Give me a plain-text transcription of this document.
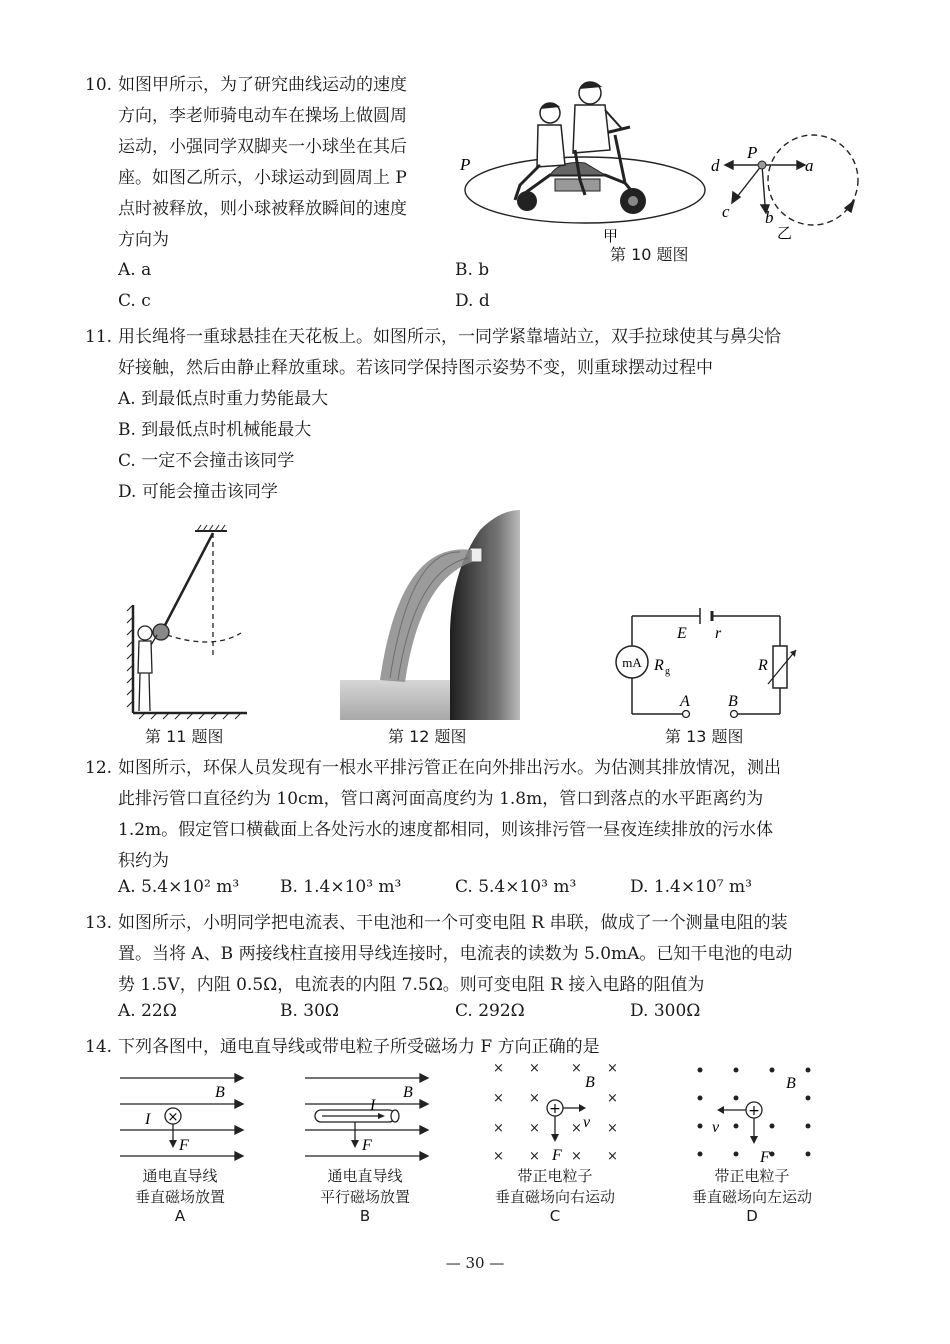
10. 如图甲所示，为了研究曲线运动的速度
方向，李老师骑电动车在操场上做圆周
运动，小强同学双脚夹一小球坐在其后
座。如图乙所示，小球运动到圆周上 P
点时被释放，则小球被释放瞬间的速度
方向为
A. a	B. b
C. c	D. d
P
甲
P
a
d
c b
乙
第 10 题图
11. 用长绳将一重球悬挂在天花板上。如图所示，一同学紧靠墙站立，双手拉球使其与鼻尖恰
好接触，然后由静止释放重球。若该同学保持图示姿势不变，则重球摆动过程中
A. 到最低点时重力势能最大
B. 到最低点时机械能最大
C. 一定不会撞击该同学
D. 可能会撞击该同学
第 11 题图	第 12 题图
mA
E r
R g	R
A B
第 13 题图
12. 如图所示，环保人员发现有一根水平排污管正在向外排出污水。为估测其排放情况，测出
此排污管口直径约为 10cm，管口离河面高度约为 1.8m，管口到落点的水平距离约为
1.2m。假定管口横截面上各处污水的速度都相同，则该排污管一昼夜连续排放的污水体
积约为
A. 5.4×10² m³ B. 1.4×10³ m³	C. 5.4×10³ m³	D. 1.4×10⁷ m³
13. 如图所示，小明同学把电流表、干电池和一个可变电阻 R 串联，做成了一个测量电阻的装
置。当将 A、B 两接线柱直接用导线连接时，电流表的读数为 5.0mA。已知干电池的电动
势 1.5V，内阻 0.5Ω，电流表的内阻 7.5Ω。则可变电阻 R 接入电路的阻值为
A. 22Ω	B. 30Ω	C. 292Ω	D. 300Ω
14. 下列各图中，通电直导线或带电粒子所受磁场力 F 方向正确的是
×
B
I
F
通电直导线
垂直磁场放置
A
B
I
F
通电直导线
平行磁场放置
B
× × × ×
× ×	×
× × × ×
× × × ×
+
B
v
F
带正电粒子
垂直磁场向右运动
C
+
B
v
F
带正电粒子
垂直磁场向左运动
D
— 30 —
